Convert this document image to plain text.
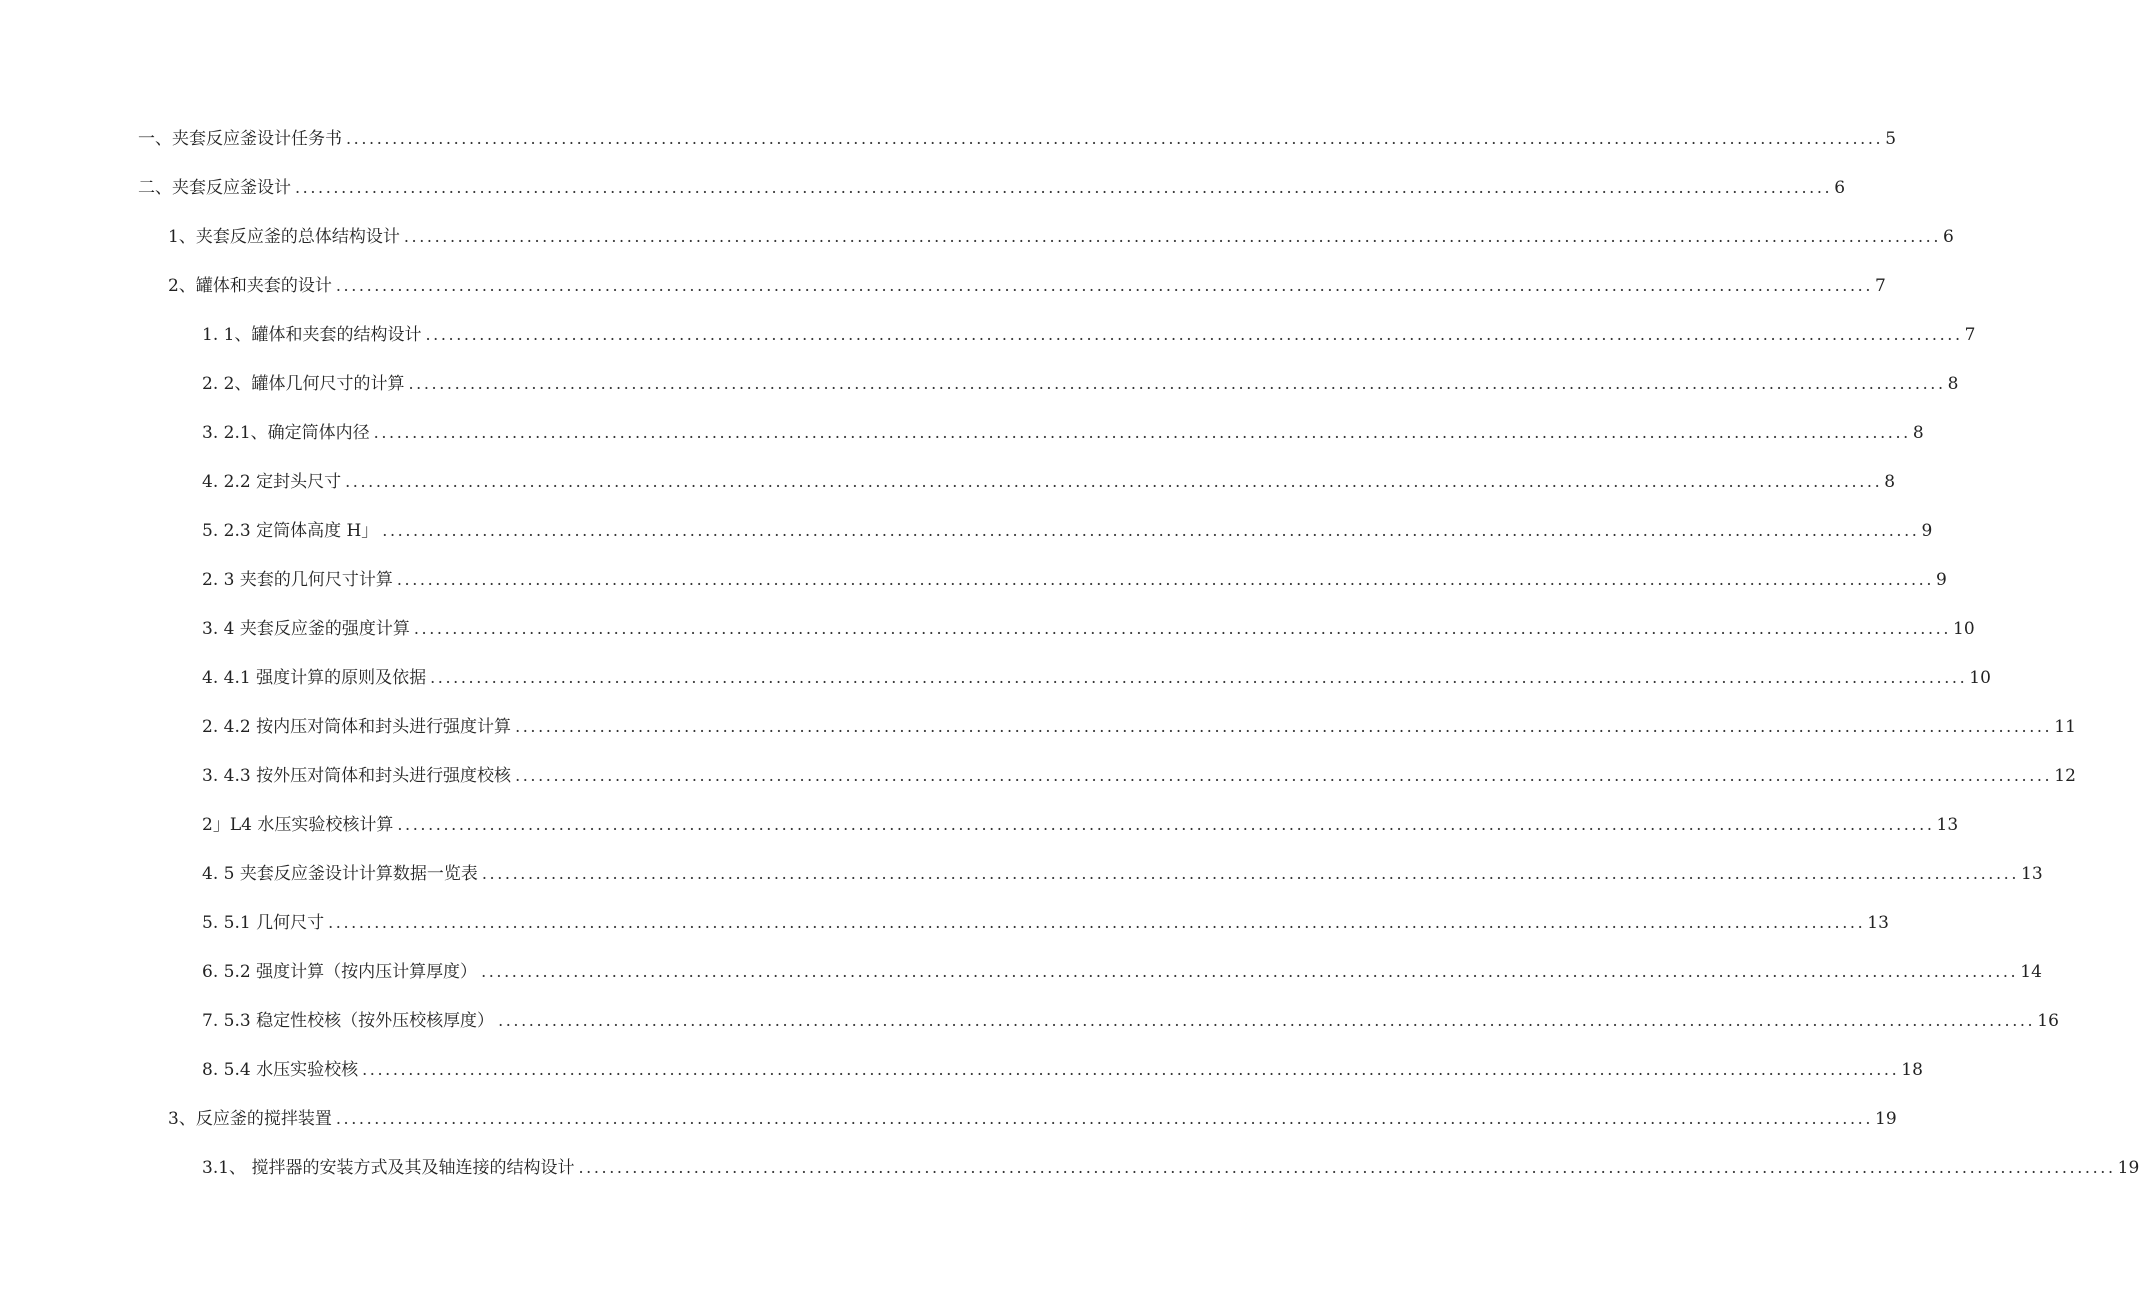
一、夹套反应釜设计任务书 ........................................................................................................................................................................................................ 5
二、夹套反应釜设计 ........................................................................................................................................................................................................ 6
1、夹套反应釜的总体结构设计 ........................................................................................................................................................................................................ 6
2、罐体和夹套的设计 ........................................................................................................................................................................................................ 7
1. 1、罐体和夹套的结构设计 ........................................................................................................................................................................................................ 7
2. 2、罐体几何尺寸的计算 ........................................................................................................................................................................................................ 8
3. 2.1、确定筒体内径 ........................................................................................................................................................................................................ 8
4. 2.2 定封头尺寸 ........................................................................................................................................................................................................ 8
5. 2.3 定筒体高度 H」 ........................................................................................................................................................................................................ 9
2. 3 夹套的几何尺寸计算 ........................................................................................................................................................................................................ 9
3. 4 夹套反应釜的强度计算 ........................................................................................................................................................................................................ 10
4. 4.1 强度计算的原则及依据 ........................................................................................................................................................................................................ 10
2. 4.2 按内压对筒体和封头进行强度计算 ........................................................................................................................................................................................................ 11
3. 4.3 按外压对筒体和封头进行强度校核 ........................................................................................................................................................................................................ 12
2」L4 水压实验校核计算 ........................................................................................................................................................................................................ 13
4. 5 夹套反应釜设计计算数据一览表 ........................................................................................................................................................................................................ 13
5. 5.1 几何尺寸 ........................................................................................................................................................................................................ 13
6. 5.2 强度计算（按内压计算厚度） ........................................................................................................................................................................................................ 14
7. 5.3 稳定性校核（按外压校核厚度） ........................................................................................................................................................................................................ 16
8. 5.4 水压实验校核 ........................................................................................................................................................................................................ 18
3、反应釜的搅拌装置 ........................................................................................................................................................................................................ 19
3.1、 搅拌器的安装方式及其及轴连接的结构设计 ........................................................................................................................................................................................................ 19
